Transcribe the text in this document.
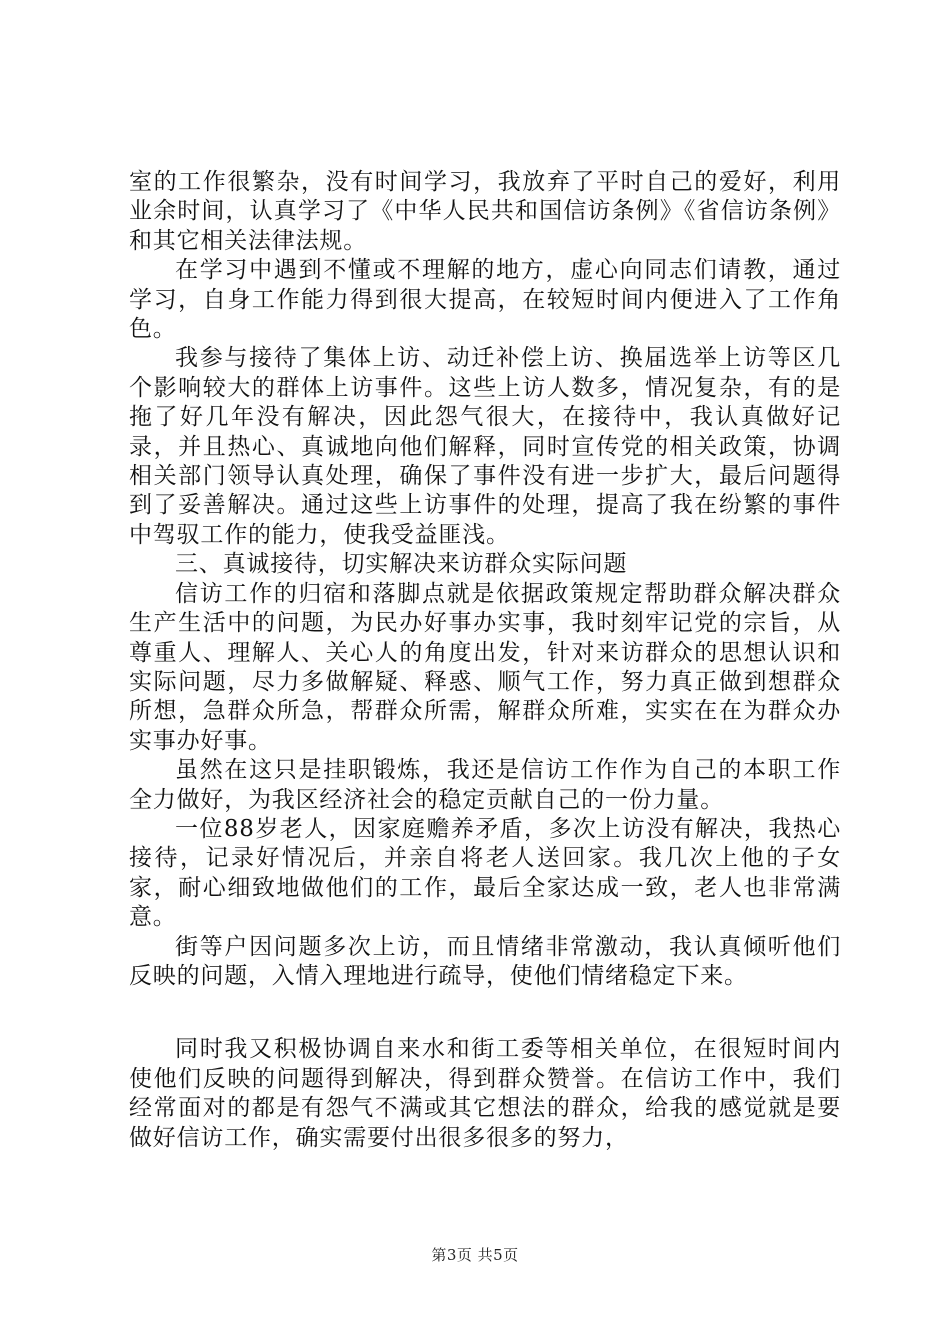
室的工作很繁杂，没有时间学习，我放弃了平时自己的爱好，利用业余时间，认真学习了《中华人民共和国信访条例》《省信访条例》和其它相关法律法规。

在学习中遇到不懂或不理解的地方，虚心向同志们请教，通过学习，自身工作能力得到很大提高，在较短时间内便进入了工作角色。

我参与接待了集体上访、动迁补偿上访、换届选举上访等区几个影响较大的群体上访事件。这些上访人数多，情况复杂，有的是拖了好几年没有解决，因此怨气很大，在接待中，我认真做好记录，并且热心、真诚地向他们解释，同时宣传党的相关政策，协调相关部门领导认真处理，确保了事件没有进一步扩大，最后问题得到了妥善解决。通过这些上访事件的处理，提高了我在纷繁的事件中驾驭工作的能力，使我受益匪浅。

三、真诚接待，切实解决来访群众实际问题

信访工作的归宿和落脚点就是依据政策规定帮助群众解决群众生产生活中的问题，为民办好事办实事，我时刻牢记党的宗旨，从尊重人、理解人、关心人的角度出发，针对来访群众的思想认识和实际问题，尽力多做解疑、释惑、顺气工作，努力真正做到想群众所想，急群众所急，帮群众所需，解群众所难，实实在在为群众办实事办好事。

虽然在这只是挂职锻炼，我还是信访工作作为自己的本职工作全力做好，为我区经济社会的稳定贡献自己的一份力量。

一位88岁老人，因家庭赡养矛盾，多次上访没有解决，我热心接待，记录好情况后，并亲自将老人送回家。我几次上他的子女家，耐心细致地做他们的工作，最后全家达成一致，老人也非常满意。

街等户因问题多次上访，而且情绪非常激动，我认真倾听他们反映的问题，入情入理地进行疏导，使他们情绪稳定下来。

同时我又积极协调自来水和街工委等相关单位，在很短时间内使他们反映的问题得到解决，得到群众赞誉。在信访工作中，我们经常面对的都是有怨气不满或其它想法的群众，给我的感觉就是要做好信访工作，确实需要付出很多很多的努力，

第3页 共5页
